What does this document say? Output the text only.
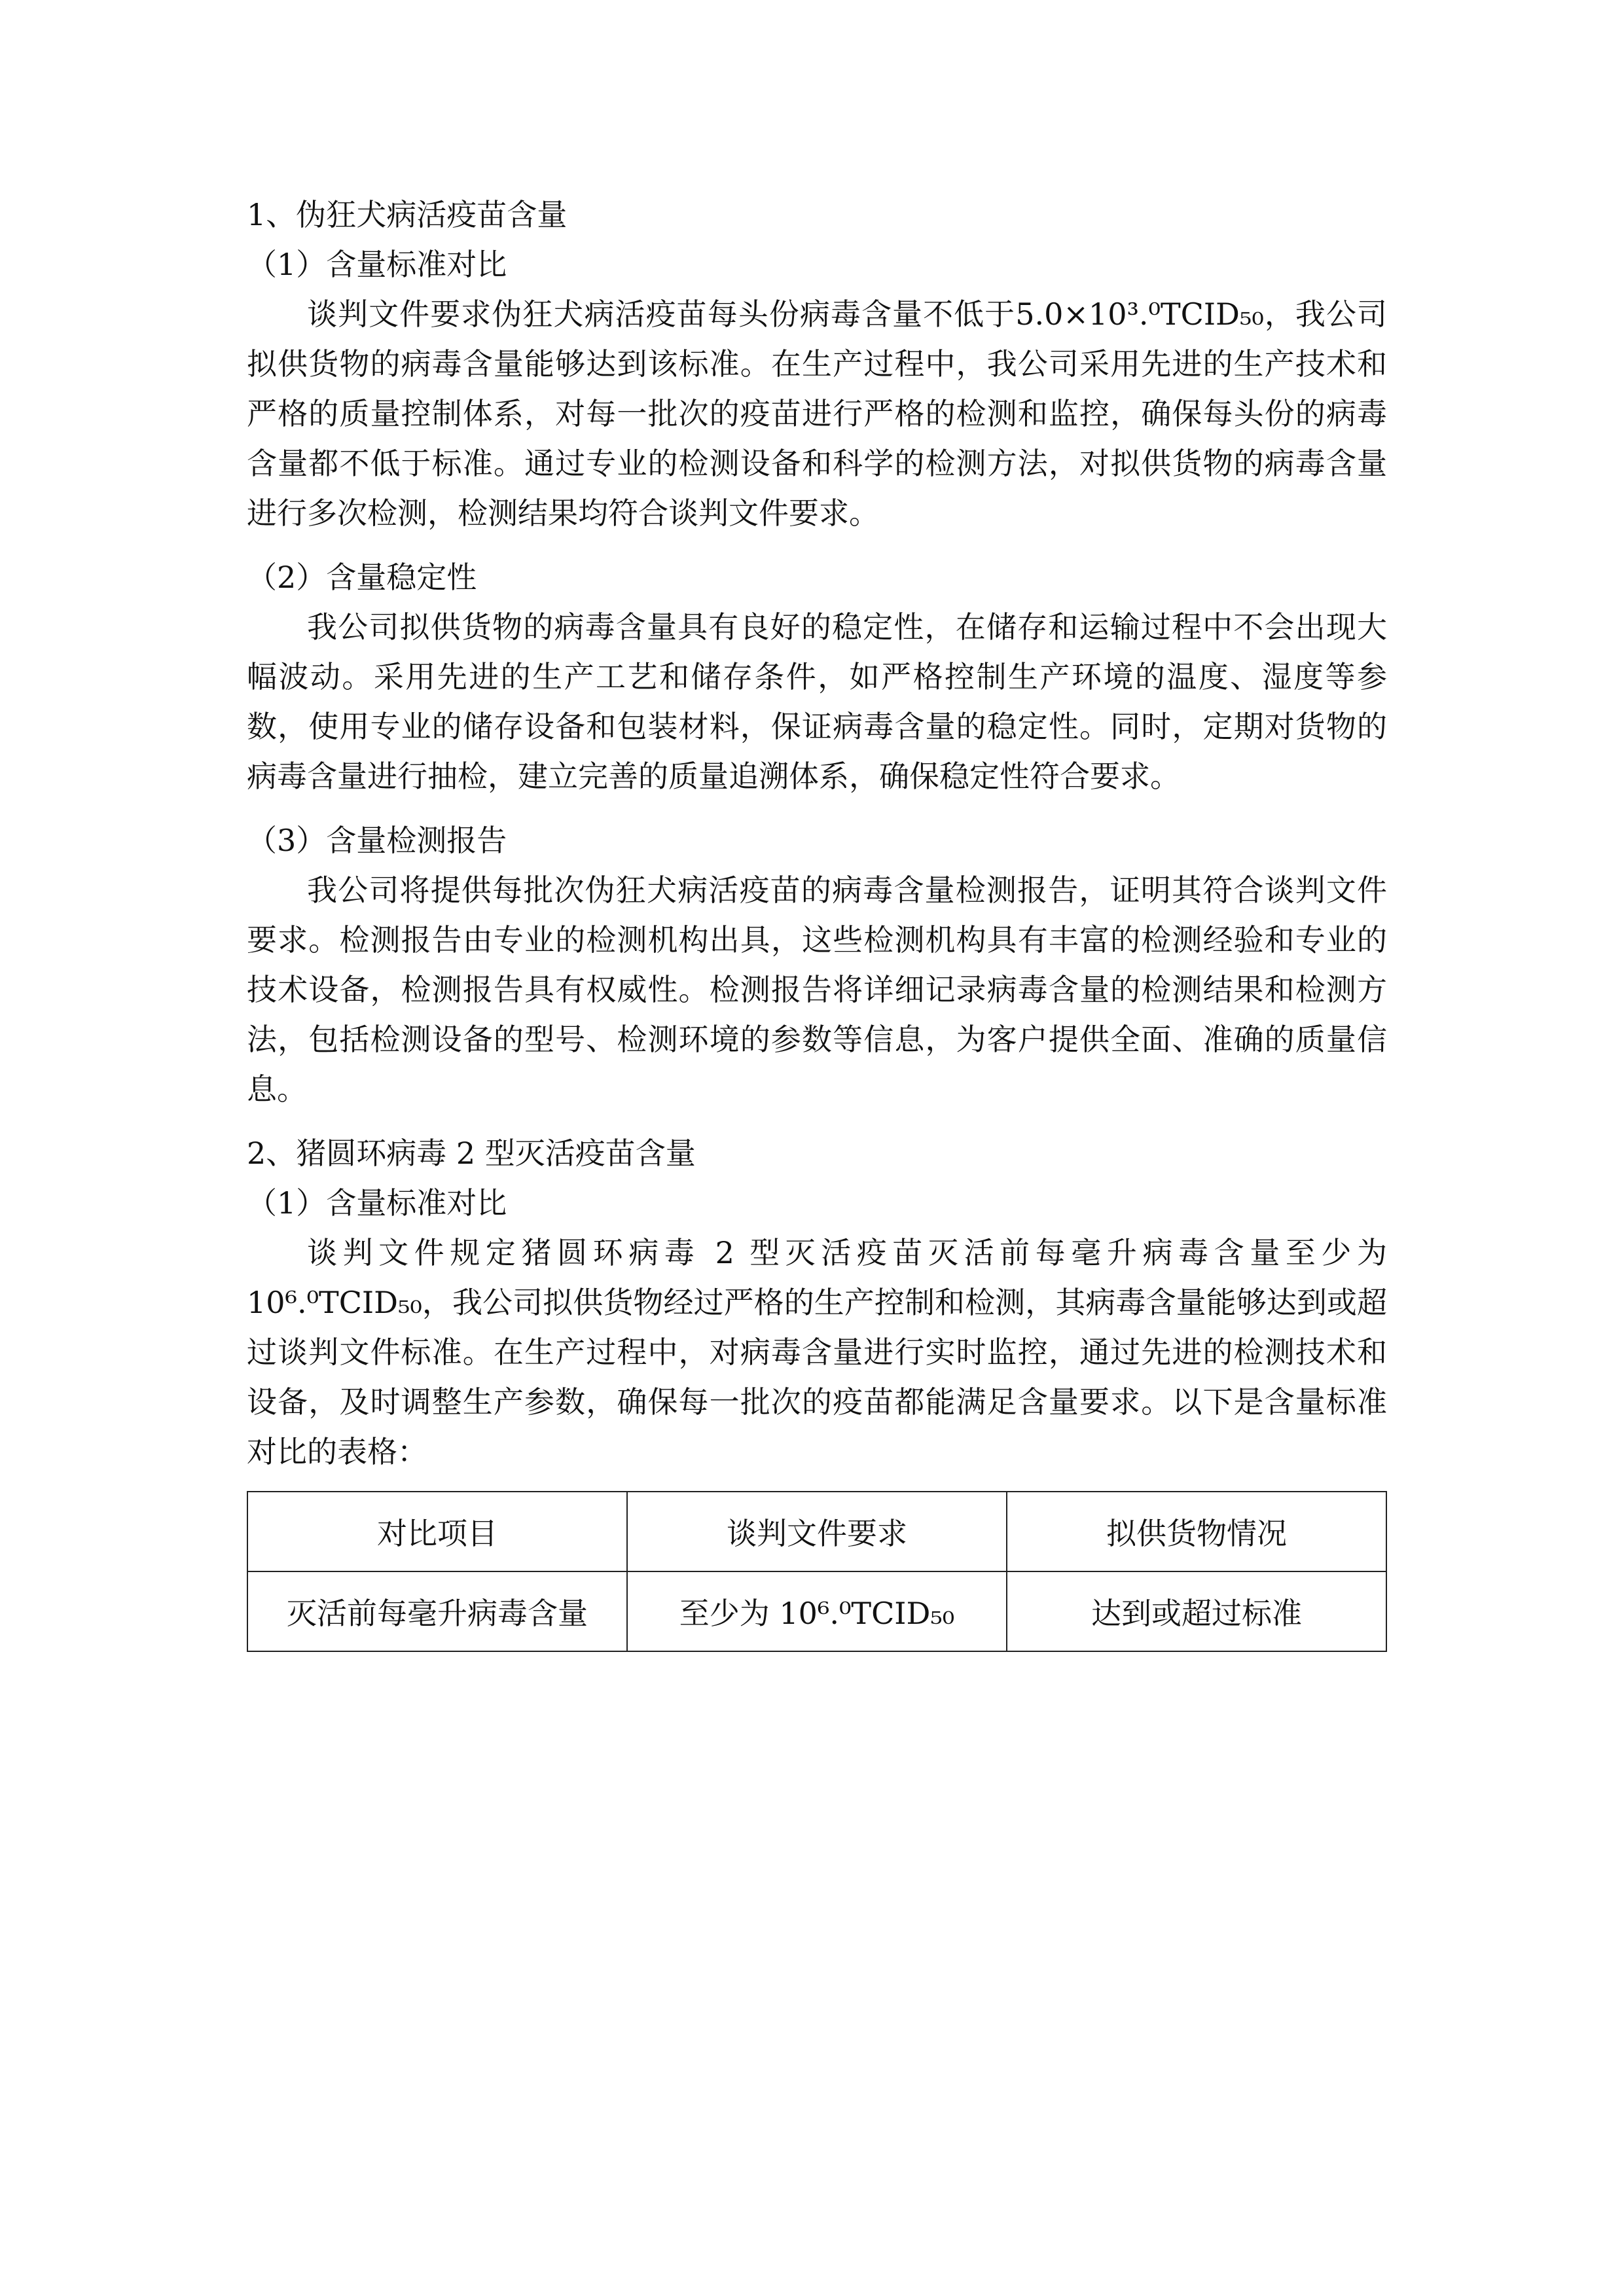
1、伪狂犬病活疫苗含量
（1）含量标准对比

谈判文件要求伪狂犬病活疫苗每头份病毒含量不低于5.0×10³.⁰TCID₅₀，我公司拟供货物的病毒含量能够达到该标准。在生产过程中，我公司采用先进的生产技术和严格的质量控制体系，对每一批次的疫苗进行严格的检测和监控，确保每头份的病毒含量都不低于标准。通过专业的检测设备和科学的检测方法，对拟供货物的病毒含量进行多次检测，检测结果均符合谈判文件要求。

（2）含量稳定性

我公司拟供货物的病毒含量具有良好的稳定性，在储存和运输过程中不会出现大幅波动。采用先进的生产工艺和储存条件，如严格控制生产环境的温度、湿度等参数，使用专业的储存设备和包装材料，保证病毒含量的稳定性。同时，定期对货物的病毒含量进行抽检，建立完善的质量追溯体系，确保稳定性符合要求。

（3）含量检测报告

我公司将提供每批次伪狂犬病活疫苗的病毒含量检测报告，证明其符合谈判文件要求。检测报告由专业的检测机构出具，这些检测机构具有丰富的检测经验和专业的技术设备，检测报告具有权威性。检测报告将详细记录病毒含量的检测结果和检测方法，包括检测设备的型号、检测环境的参数等信息，为客户提供全面、准确的质量信息。

2、猪圆环病毒 2 型灭活疫苗含量
（1）含量标准对比

谈判文件规定猪圆环病毒 2 型灭活疫苗灭活前每毫升病毒含量至少为10⁶.⁰TCID₅₀，我公司拟供货物经过严格的生产控制和检测，其病毒含量能够达到或超过谈判文件标准。在生产过程中，对病毒含量进行实时监控，通过先进的检测技术和设备，及时调整生产参数，确保每一批次的疫苗都能满足含量要求。以下是含量标准对比的表格：

对比项目	谈判文件要求	拟供货物情况
灭活前每毫升病毒含量	至少为 10⁶.⁰TCID₅₀	达到或超过标准
